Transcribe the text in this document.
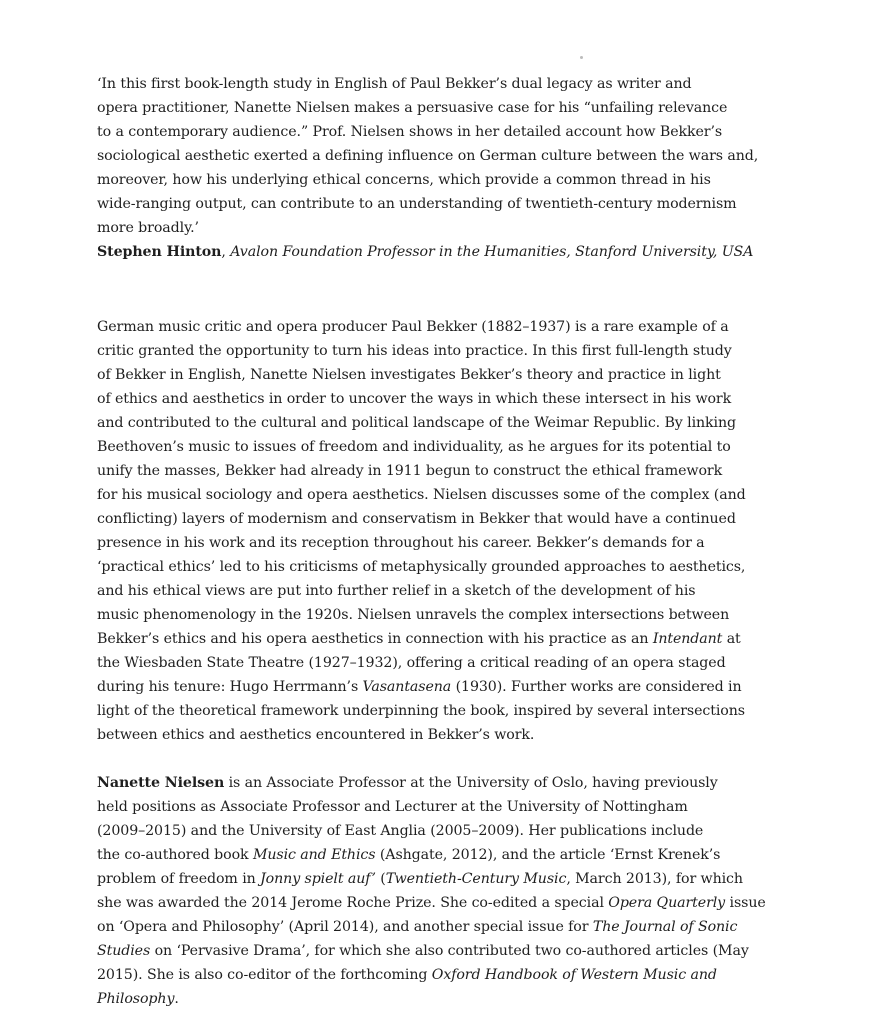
‘In this first book-length study in English of Paul Bekker’s dual legacy as writer and
opera practitioner, Nanette Nielsen makes a persuasive case for his “unfailing relevance
to a contemporary audience.” Prof. Nielsen shows in her detailed account how Bekker’s
sociological aesthetic exerted a defining influence on German culture between the wars and,
moreover, how his underlying ethical concerns, which provide a common thread in his
wide-ranging output, can contribute to an understanding of twentieth-century modernism
more broadly.’
Stephen Hinton, Avalon Foundation Professor in the Humanities, Stanford University, USA
German music critic and opera producer Paul Bekker (1882–1937) is a rare example of a
critic granted the opportunity to turn his ideas into practice. In this first full-length study
of Bekker in English, Nanette Nielsen investigates Bekker’s theory and practice in light
of ethics and aesthetics in order to uncover the ways in which these intersect in his work
and contributed to the cultural and political landscape of the Weimar Republic. By linking
Beethoven’s music to issues of freedom and individuality, as he argues for its potential to
unify the masses, Bekker had already in 1911 begun to construct the ethical framework
for his musical sociology and opera aesthetics. Nielsen discusses some of the complex (and
conflicting) layers of modernism and conservatism in Bekker that would have a continued
presence in his work and its reception throughout his career. Bekker’s demands for a
‘practical ethics’ led to his criticisms of metaphysically grounded approaches to aesthetics,
and his ethical views are put into further relief in a sketch of the development of his
music phenomenology in the 1920s. Nielsen unravels the complex intersections between
Bekker’s ethics and his opera aesthetics in connection with his practice as an Intendant at
the Wiesbaden State Theatre (1927–1932), offering a critical reading of an opera staged
during his tenure: Hugo Herrmann’s Vasantasena (1930). Further works are considered in
light of the theoretical framework underpinning the book, inspired by several intersections
between ethics and aesthetics encountered in Bekker’s work.
Nanette Nielsen is an Associate Professor at the University of Oslo, having previously
held positions as Associate Professor and Lecturer at the University of Nottingham
(2009–2015) and the University of East Anglia (2005–2009). Her publications include
the co-authored book Music and Ethics (Ashgate, 2012), and the article ‘Ernst Krenek’s
problem of freedom in Jonny spielt auf’ (Twentieth-Century Music, March 2013), for which
she was awarded the 2014 Jerome Roche Prize. She co-edited a special Opera Quarterly issue
on ‘Opera and Philosophy’ (April 2014), and another special issue for The Journal of Sonic
Studies on ‘Pervasive Drama’, for which she also contributed two co-authored articles (May
2015). She is also co-editor of the forthcoming Oxford Handbook of Western Music and
Philosophy.
